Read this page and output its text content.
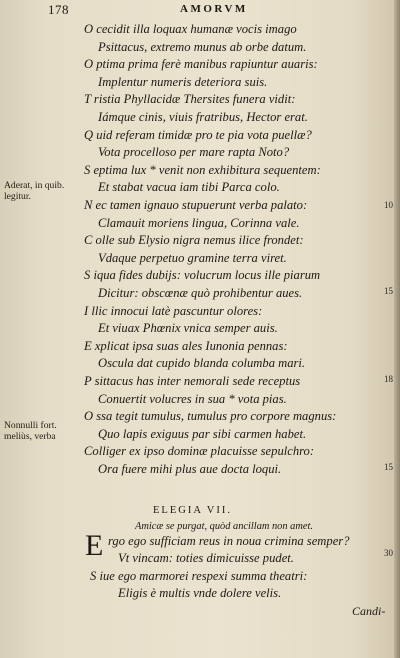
178	AMORVM
O cecidit illa loquax humanæ vocis imago
Psittacus, extremo munus ab orbe datum.
O ptima prima ferè manibus rapiuntur auaris:
Implentur numeris deteriora suis.
T ristia Phyllacidæ Thersites funera vidit:
Iámque cinis, viuis fratribus, Hector erat.
Q uid referam timidæ pro te pia vota puellæ?
Vota procelloso per mare rapta Noto?
S eptima lux * venit non exhibitura sequentem:
Et stabat vacua iam tibi Parca colo.
N ec tamen ignauo stupuerunt verba palato:
Clamauit moriens lingua, Corinna vale.
C olle sub Elysio nigra nemus ilice frondet:
Vdaque perpetuo gramine terra viret.
S iqua fides dubijs: volucrum locus ille piarum
Dicitur: obscœnæ quò prohibentur aues.
I llic innocui latè pascuntur olores:
Et viuax Phœnix vnica semper auis.
E xplicat ipsa suas ales Iunonia pennas:
Oscula dat cupido blanda columba mari.
P sittacus has inter nemorali sede receptus
Conuertit volucres in sua * vota pias.
O ssa tegit tumulus, tumulus pro corpore magnus:
Quo lapis exiguus par sibi carmen habet.
Colliger ex ipso dominæ placuisse sepulchro:
Ora fuere mihi plus aue docta loqui.
Aderat, in quib.
legitur.
Nonnulli fort.
meliùs, verba
10
15
18
15
30
ELEGIA VII.
Amicæ se purgat, quòd ancillam non amet.
E rgo ego sufficiam reus in noua crimina semper?
Vt vincam: toties dimicuisse pudet.
S iue ego marmorei respexi summa theatri:
Eligis è multis vnde dolere velis.
Candi-
